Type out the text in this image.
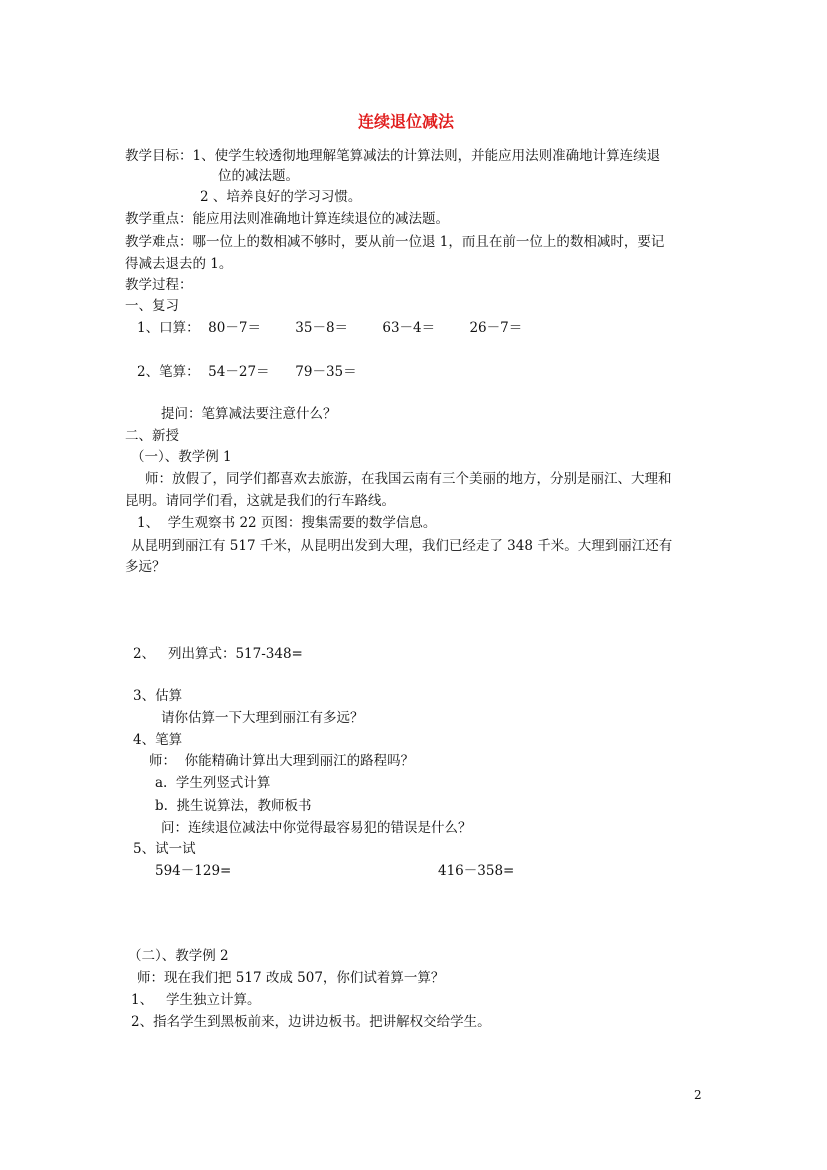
连续退位减法
教学目标：1、使学生较透彻地理解笔算减法的计算法则，并能应用法则准确地计算连续退
位的减法题。
2 、培养良好的学习习惯。
教学重点：能应用法则准确地计算连续退位的减法题。
教学难点：哪一位上的数相减不够时，要从前一位退 1，而且在前一位上的数相减时，要记
得减去退去的 1。
教学过程：
一、复习
1、口算：  80－7＝        35－8＝        63－4＝        26－7＝
2、笔算：  54－27＝      79－35＝
提问：笔算减法要注意什么？
二、新授
（一）、教学例 1
师：放假了，同学们都喜欢去旅游，在我国云南有三个美丽的地方，分别是丽江、大理和
昆明。请同学们看，这就是我们的行车路线。
1、  学生观察书 22 页图：搜集需要的数学信息。
从昆明到丽江有 517 千米，从昆明出发到大理，我们已经走了 348 千米。大理到丽江还有
多远？
2、   列出算式：517-348=
3、估算
请你估算一下大理到丽江有多远？
4、笔算
师：  你能精确计算出大理到丽江的路程吗？
a.  学生列竖式计算
b.  挑生说算法，教师板书
问：连续退位减法中你觉得最容易犯的错误是什么？
5、试一试
594－129=	416－358=
（二）、教学例 2
师：现在我们把 517 改成 507，你们试着算一算？
1、   学生独立计算。
2、指名学生到黑板前来，边讲边板书。把讲解权交给学生。
2
